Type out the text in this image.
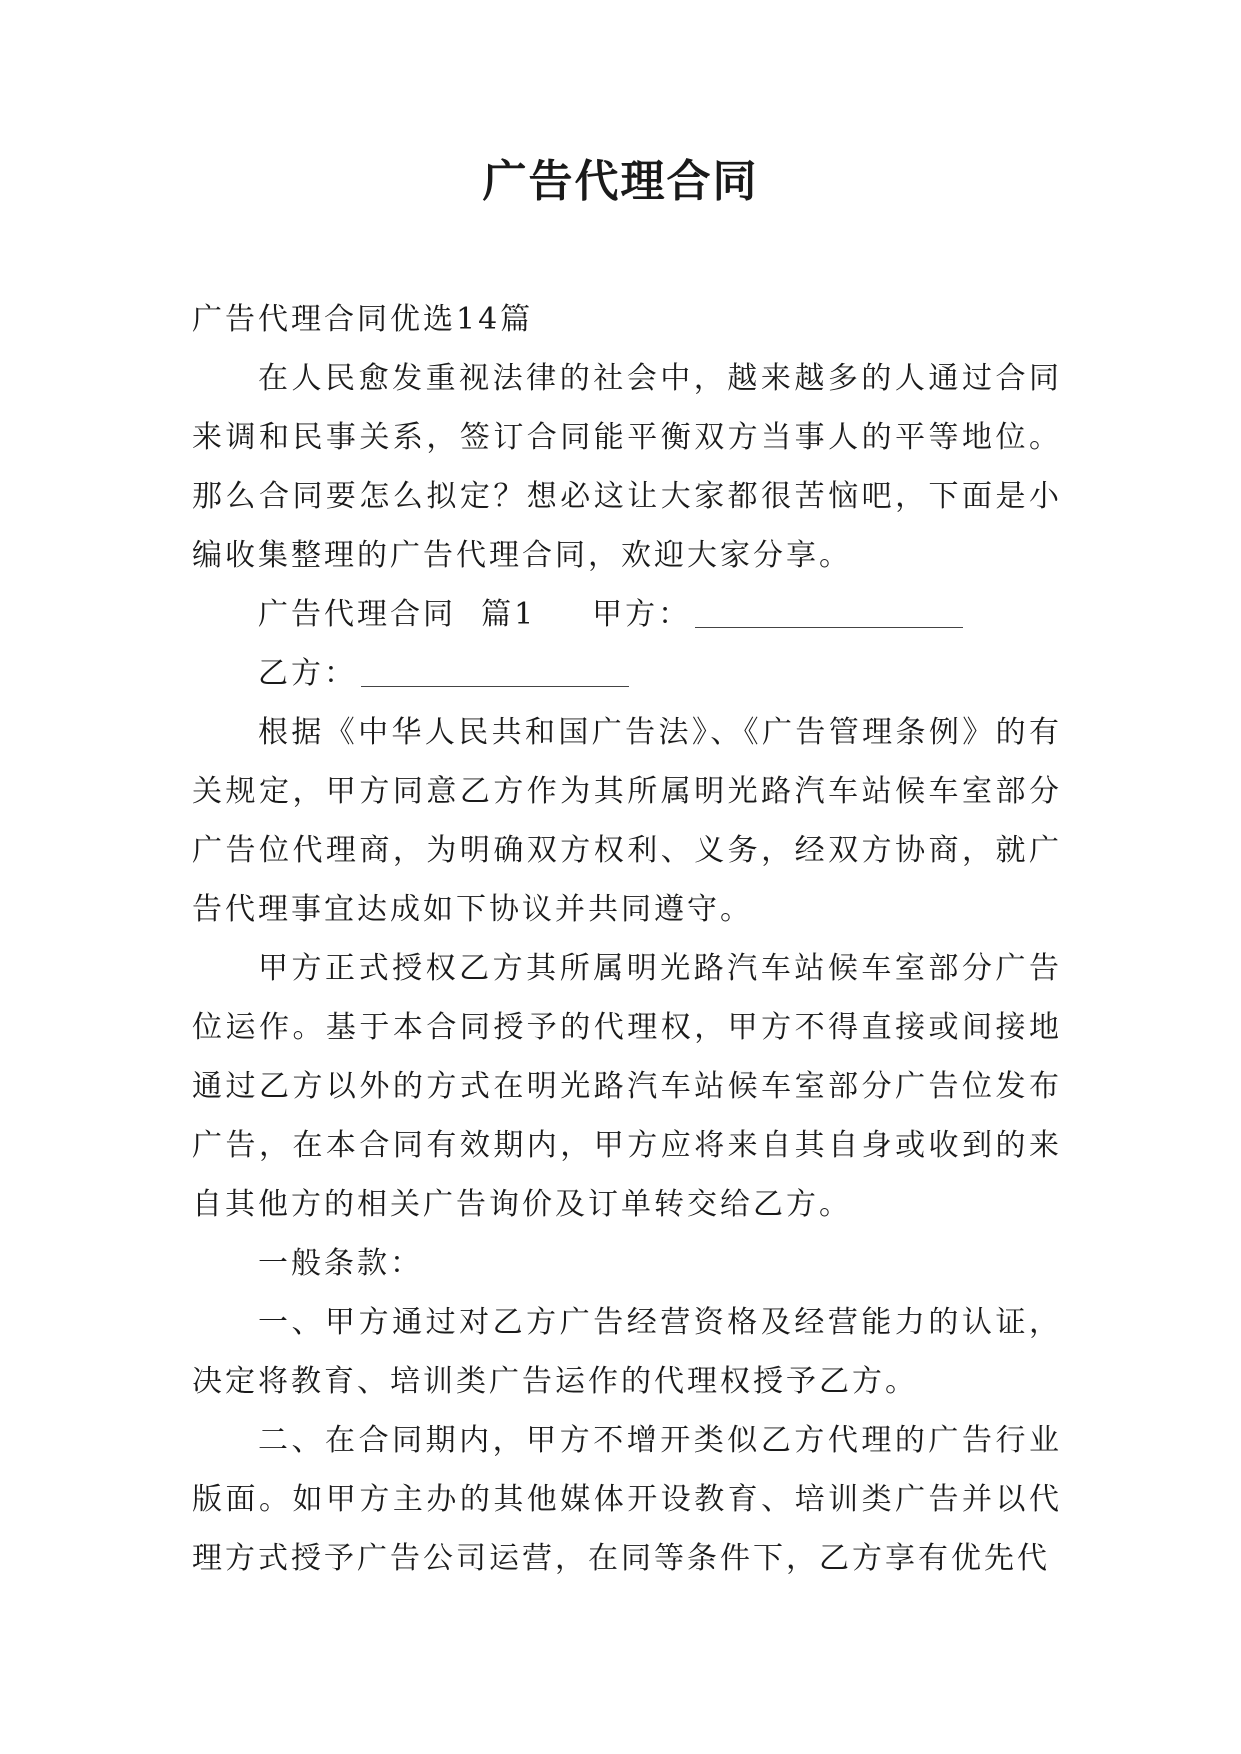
广告代理合同

广告代理合同优选14篇

在人民愈发重视法律的社会中，越来越多的人通过合同来调和民事关系，签订合同能平衡双方当事人的平等地位。那么合同要怎么拟定？想必这让大家都很苦恼吧，下面是小编收集整理的广告代理合同，欢迎大家分享。

广告代理合同  篇1 甲方：

乙方：

根据《中华人民共和国广告法》、《广告管理条例》的有关规定，甲方同意乙方作为其所属明光路汽车站候车室部分广告位代理商，为明确双方权利、义务，经双方协商，就广告代理事宜达成如下协议并共同遵守。

甲方正式授权乙方其所属明光路汽车站候车室部分广告位运作。基于本合同授予的代理权，甲方不得直接或间接地通过乙方以外的方式在明光路汽车站候车室部分广告位发布广告，在本合同有效期内，甲方应将来自其自身或收到的来自其他方的相关广告询价及订单转交给乙方。

一般条款：

一、甲方通过对乙方广告经营资格及经营能力的认证，决定将教育、培训类广告运作的代理权授予乙方。

二、在合同期内，甲方不增开类似乙方代理的广告行业版面。如甲方主办的其他媒体开设教育、培训类广告并以代理方式授予广告公司运营，在同等条件下，乙方享有优先代
